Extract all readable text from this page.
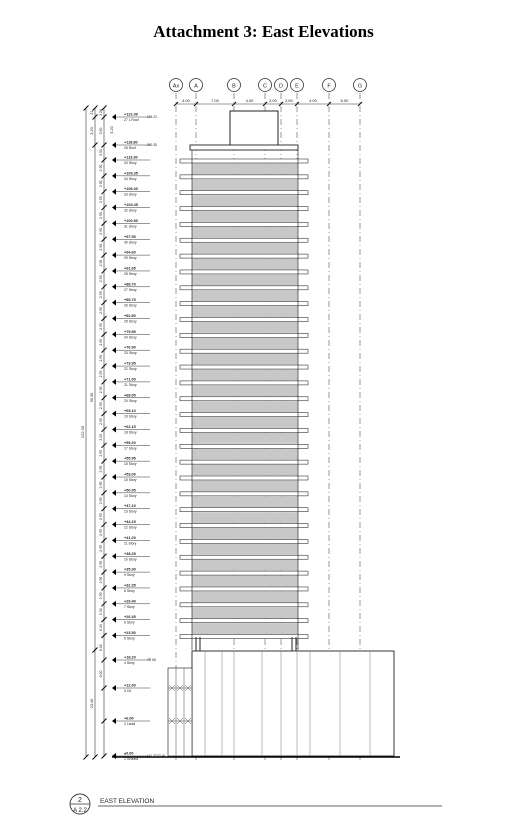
Attachment 3: East Elevations
3.20
3.50
3.50
2.95
2.95
2.95
2.95
2.95
2.95
2.95
2.95
2.95
2.95
2.95
2.95
2.95
2.95
2.95
2.95
2.95
3.25
2.95
2.95
2.95
2.95
2.95
2.95
2.95
2.95
2.95
2.95
5.30
6.20
6.00
6.00
21
3.20
99.30
23.40
122.30
3.20
+122.00
27 L Roof
126.23
+118.80
26 Roof
200.35
+113.30
33 Story
+109.35
34 Story
+106.40
33 Story
+103.45
32 Story
+100.50
31 Story
+97.55
30 Story
+94.60
29 Story
+91.65
28 Story
+88.70
27 Story
+85.75
26 Story
+82.80
25 Story
+79.85
24 Story
+76.90
23 Story
+73.95
22 Story
+71.00
21 Story
+68.05
20 Story
+65.10
19 Story
+62.15
18 Story
+59.20
17 Story
+55.95
16 Story
+53.00
15 Story
+50.05
14 Story
+47.10
13 Story
+44.15
12 Story
+41.20
11 Story
+38.25
10 Story
+35.30
9 Story
+32.35
8 Story
+29.40
7 Story
+26.45
6 Story
+23.50
5 Story
+18.20
4 Story
TR 68
+12.00
3 Cit
+6.00
2 Landl
±0.00
1 Ground
(-)0.25 93.46
Ax	A	B	C D E	F	G
4.00	7.00	4.00	2.00 2.60	4.00	6.00
2
A 2.2
EAST ELEVATION
